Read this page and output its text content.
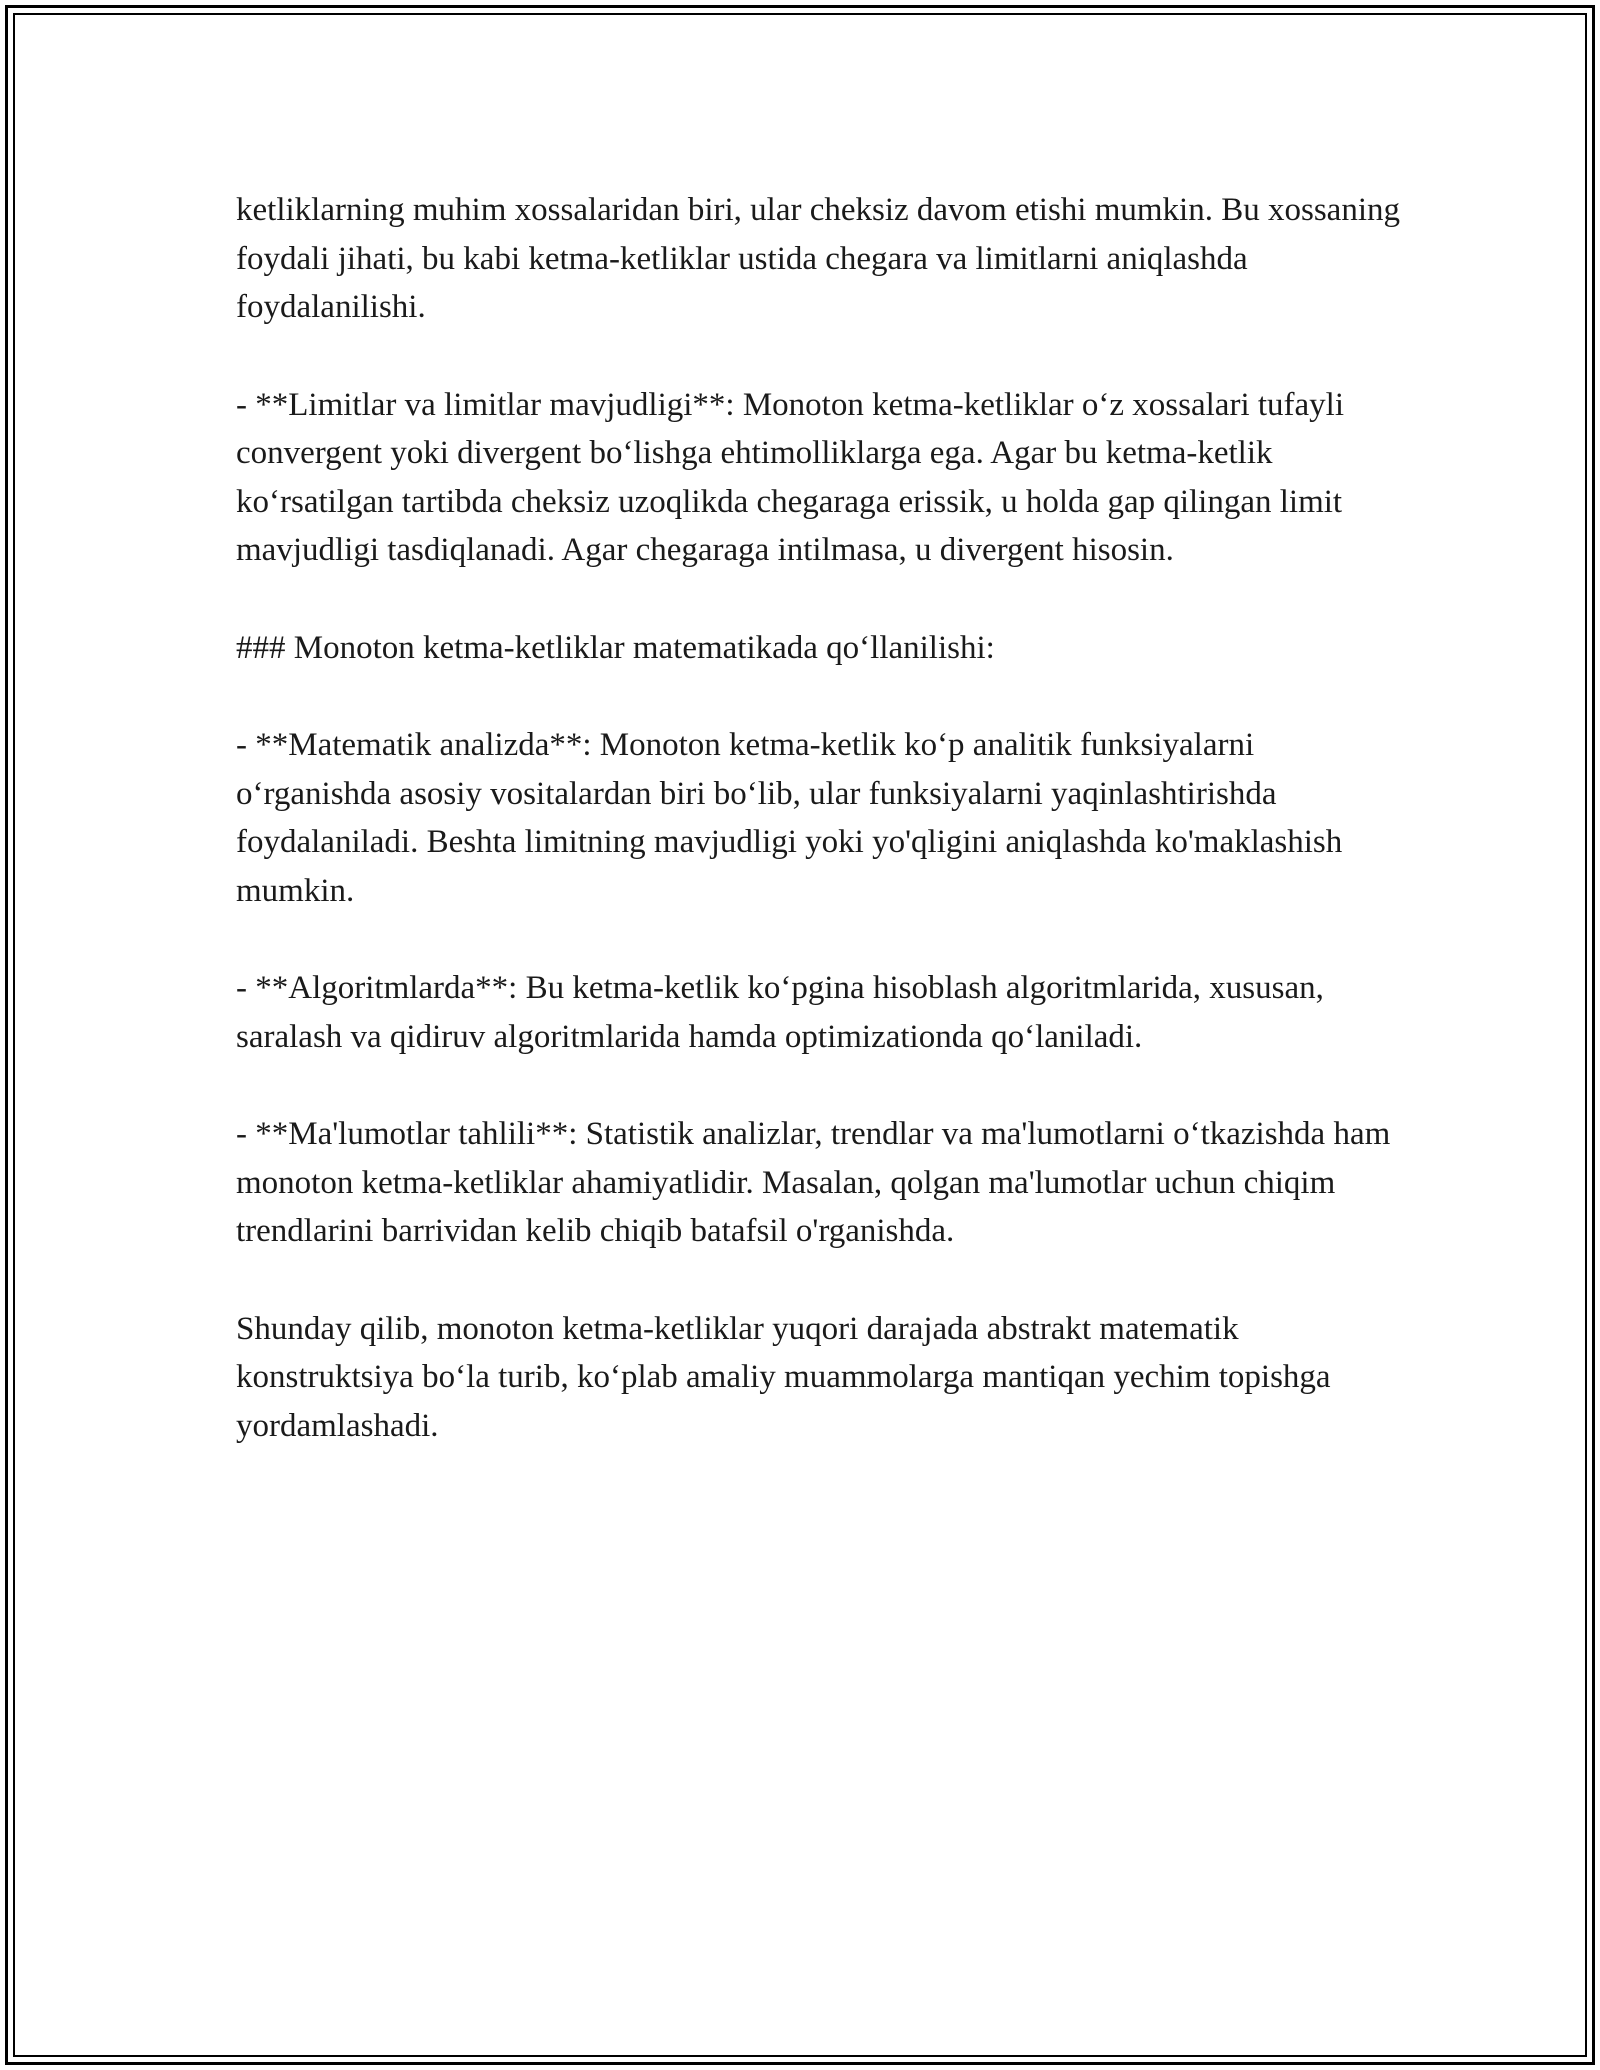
ketliklarning muhim xossalaridan biri, ular cheksiz davom etishi mumkin. Bu xossaning foydali jihati, bu kabi ketma-ketliklar ustida chegara va limitlarni aniqlashda foydalanilishi.

- **Limitlar va limitlar mavjudligi**: Monoton ketma-ketliklar o‘z xossalari tufayli convergent yoki divergent bo‘lishga ehtimolliklarga ega. Agar bu ketma-ketlik ko‘rsatilgan tartibda cheksiz uzoqlikda chegaraga erissik, u holda gap qilingan limit mavjudligi tasdiqlanadi. Agar chegaraga intilmasa, u divergent hisosin.

### Monoton ketma-ketliklar matematikada qo‘llanilishi:

- **Matematik analizda**: Monoton ketma-ketlik ko‘p analitik funksiyalarni o‘rganishda asosiy vositalardan biri bo‘lib, ular funksiyalarni yaqinlashtirishda foydalaniladi. Beshta limitning mavjudligi yoki yo'qligini aniqlashda ko'maklashish mumkin.

- **Algoritmlarda**: Bu ketma-ketlik ko‘pgina hisoblash algoritmlarida, xususan, saralash va qidiruv algoritmlarida hamda optimizationda qo‘laniladi.

- **Ma'lumotlar tahlili**: Statistik analizlar, trendlar va ma'lumotlarni o‘tkazishda ham monoton ketma-ketliklar ahamiyatlidir. Masalan, qolgan ma'lumotlar uchun chiqim trendlarini barrividan kelib chiqib batafsil o'rganishda.

Shunday qilib, monoton ketma-ketliklar yuqori darajada abstrakt matematik konstruktsiya bo‘la turib, ko‘plab amaliy muammolarga mantiqan yechim topishga yordamlashadi.
